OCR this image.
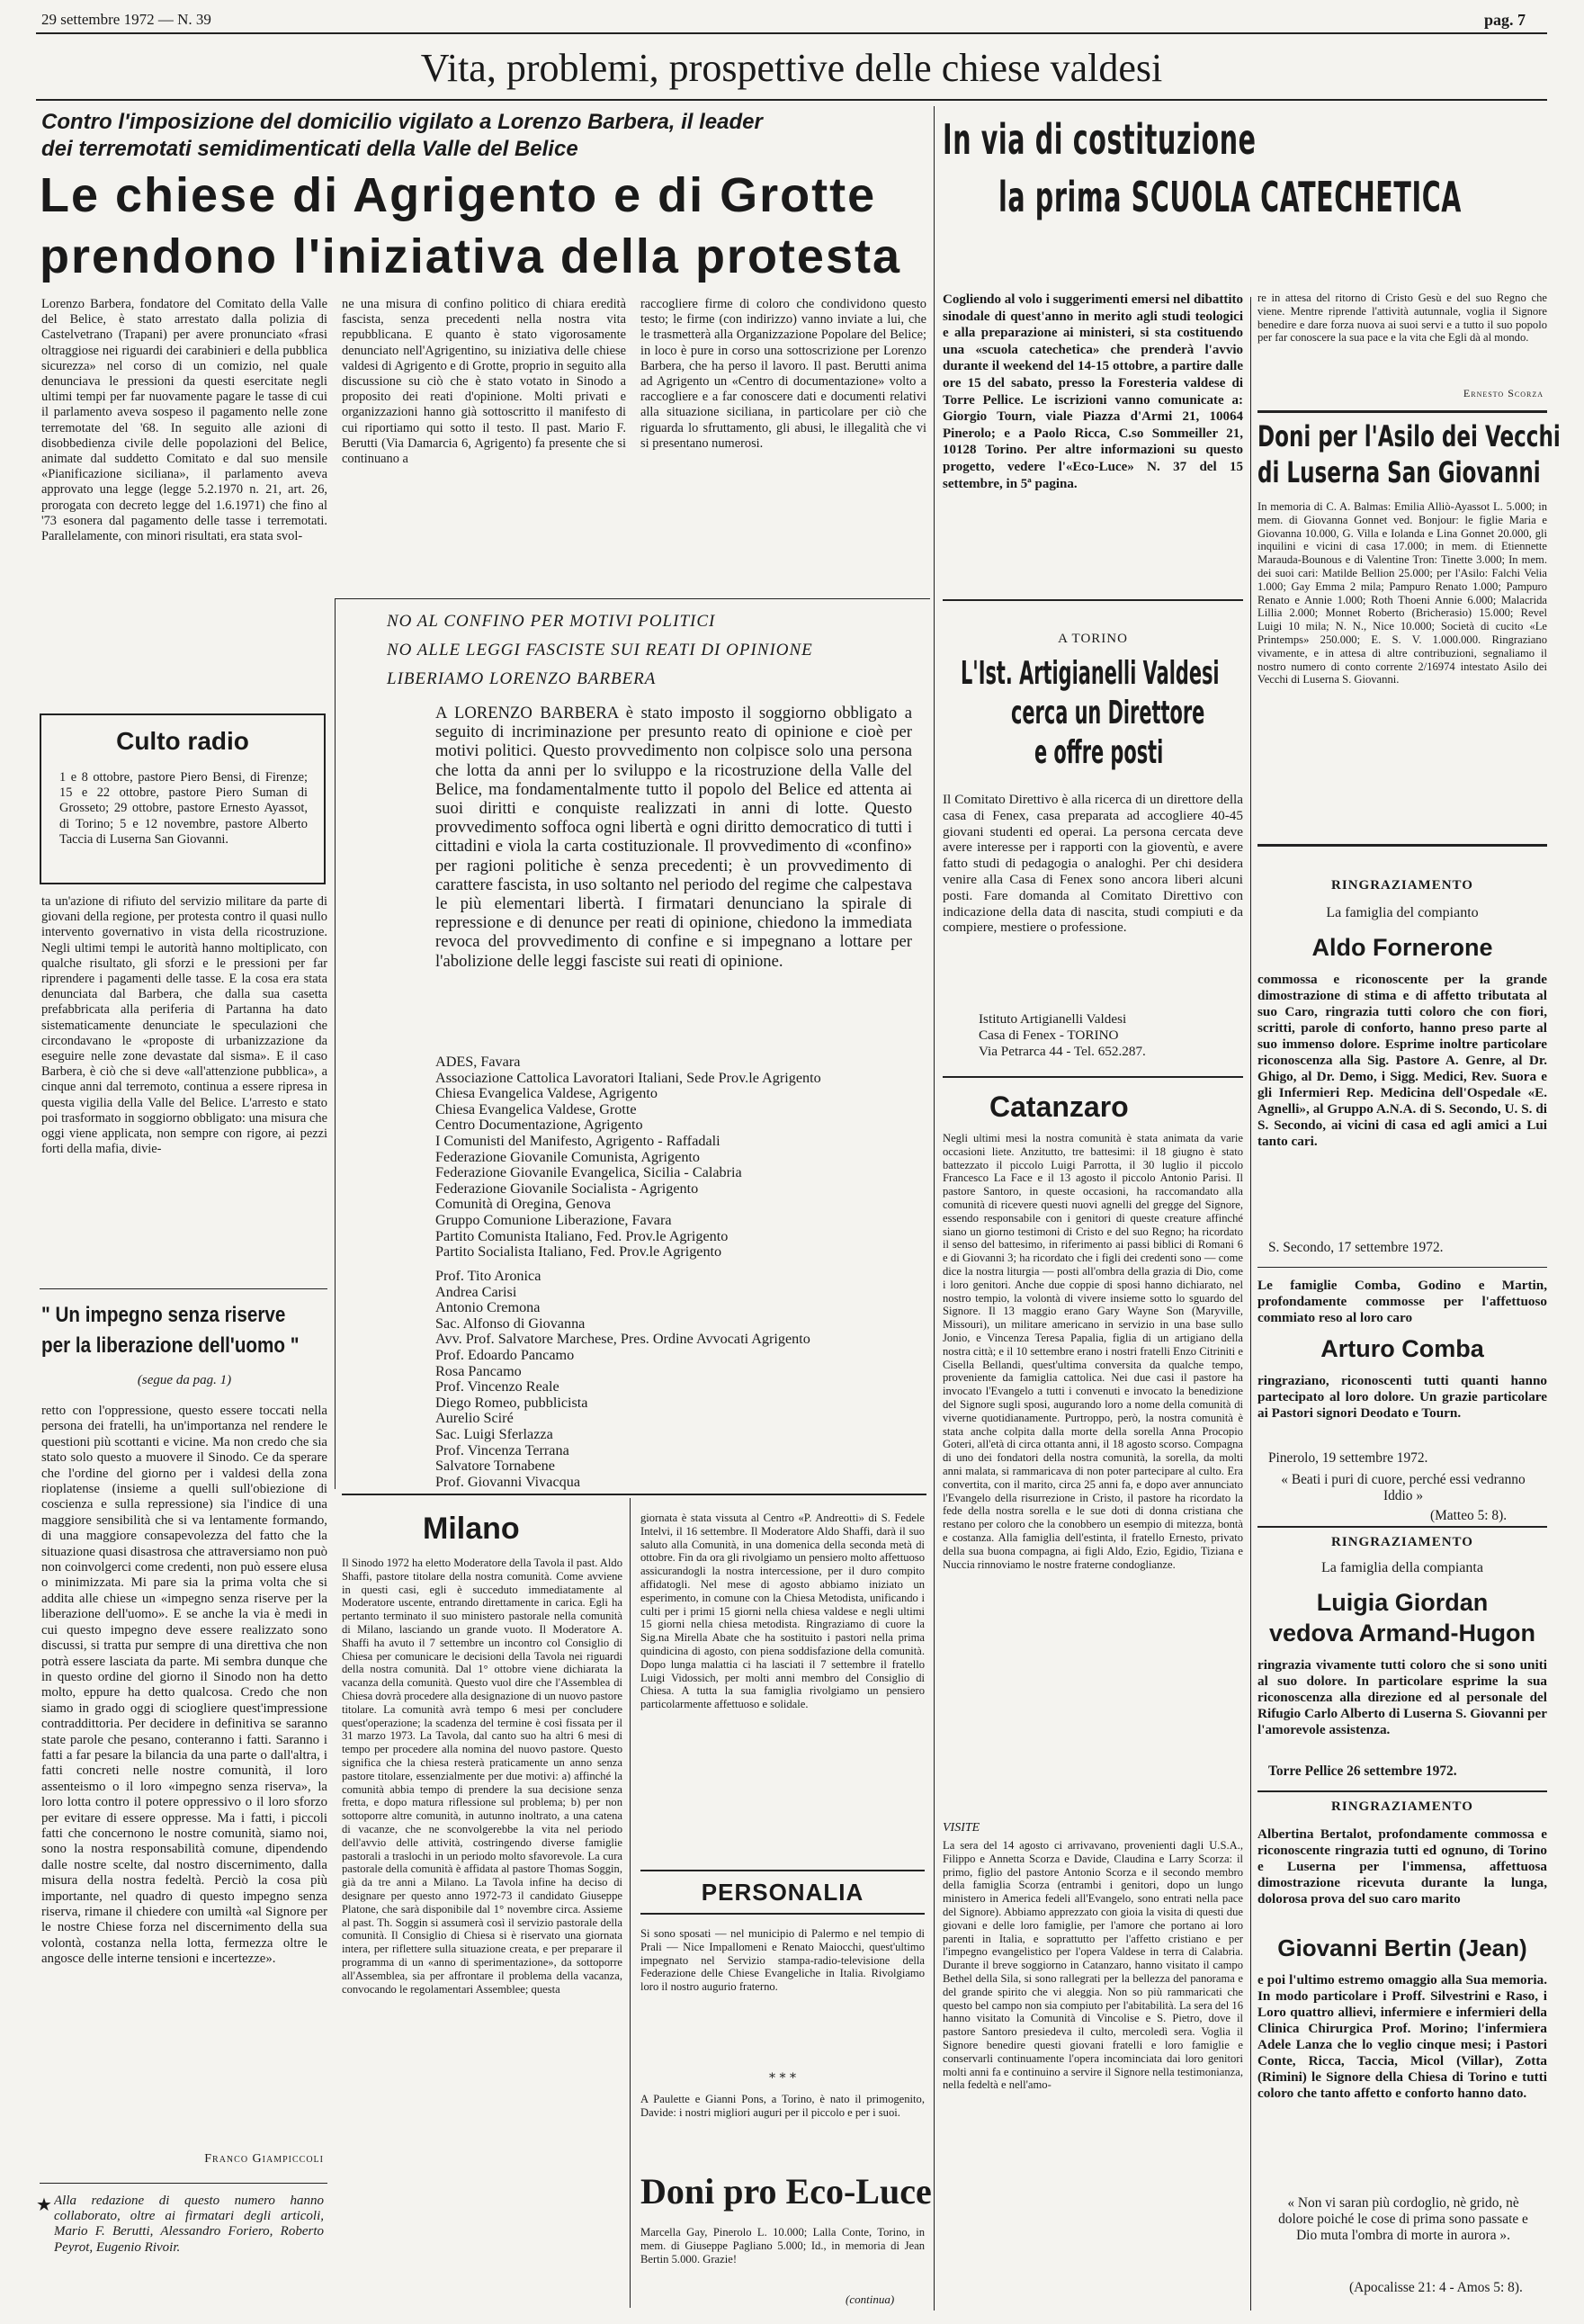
29 settembre 1972 — N. 39	pag. 7
Vita, problemi, prospettive delle chiese valdesi
Contro l'imposizione del domicilio vigilato a Lorenzo Barbera, il leader
dei terremotati semidimenticati della Valle del Belice
Le chiese di Agrigento e di Grotte
prendono l'iniziativa della protesta
Lorenzo Barbera, fondatore del Comitato della Valle del Belice, è stato arrestato dalla polizia di Castelvetrano (Trapani) per avere pronunciato «frasi oltraggiose nei riguardi dei carabinieri e della pubblica sicurezza» nel corso di un comizio, nel quale denunciava le pressioni da questi esercitate negli ultimi tempi per far nuovamente pagare le tasse di cui il parlamento aveva sospeso il pagamento nelle zone terremotate del '68. In seguito alle azioni di disobbedienza civile delle popolazioni del Belice, animate dal suddetto Comitato e dal suo mensile «Pianificazione siciliana», il parlamento aveva approvato una legge (legge 5.2.1970 n. 21, art. 26, prorogata con decreto legge del 1.6.1971) che fino al '73 esonera dal pagamento delle tasse i terremotati. Parallelamente, con minori risultati, era stata svol-
ne una misura di confino politico di chiara eredità fascista, senza precedenti nella nostra vita repubblicana. E quanto è stato vigorosamente denunciato nell'Agrigentino, su iniziativa delle chiese valdesi di Agrigento e di Grotte, proprio in seguito alla discussione su ciò che è stato votato in Sinodo a proposito dei reati d'opinione. Molti privati e organizzazioni hanno già sottoscritto il manifesto di cui riportiamo qui sotto il testo. Il past. Mario F. Berutti (Via Damarcia 6, Agrigento) fa presente che si continuano a
raccogliere firme di coloro che condividono questo testo; le firme (con indirizzo) vanno inviate a lui, che le trasmetterà alla Organizzazione Popolare del Belice; in loco è pure in corso una sottoscrizione per Lorenzo Barbera, che ha perso il lavoro. Il past. Berutti anima ad Agrigento un «Centro di documentazione» volto a raccogliere e a far conoscere dati e documenti relativi alla situazione siciliana, in particolare per ciò che riguarda lo sfruttamento, gli abusi, le illegalità che vi si presentano numerosi.
NO AL CONFINO PER MOTIVI POLITICI
NO ALLE LEGGI FASCISTE SUI REATI DI OPINIONE
LIBERIAMO LORENZO BARBERA
A LORENZO BARBERA è stato imposto il soggiorno obbligato a seguito di incriminazione per presunto reato di opinione e cioè per motivi politici. Questo provvedimento non colpisce solo una persona che lotta da anni per lo sviluppo e la ricostruzione della Valle del Belice, ma fondamentalmente tutto il popolo del Belice ed attenta ai suoi diritti e conquiste realizzati in anni di lotte. Questo provvedimento soffoca ogni libertà e ogni diritto democratico di tutti i cittadini e viola la carta costituzionale. Il provvedimento di «confino» per ragioni politiche è senza precedenti; è un provvedimento di carattere fascista, in uso soltanto nel periodo del regime che calpestava le più elementari libertà. I firmatari denunciano la spirale di repressione e di denunce per reati di opinione, chiedono la immediata revoca del provvedimento di confine e si impegnano a lottare per l'abolizione delle leggi fasciste sui reati di opinione.
ADES, Favara
Associazione Cattolica Lavoratori Italiani, Sede Prov.le Agrigento
Chiesa Evangelica Valdese, Agrigento
Chiesa Evangelica Valdese, Grotte
Centro Documentazione, Agrigento
I Comunisti del Manifesto, Agrigento - Raffadali
Federazione Giovanile Comunista, Agrigento
Federazione Giovanile Evangelica, Sicilia - Calabria
Federazione Giovanile Socialista - Agrigento
Comunità di Oregina, Genova
Gruppo Comunione Liberazione, Favara
Partito Comunista Italiano, Fed. Prov.le Agrigento
Partito Socialista Italiano, Fed. Prov.le Agrigento
Prof. Tito Aronica
Andrea Carisi
Antonio Cremona
Sac. Alfonso di Giovanna
Avv. Prof. Salvatore Marchese, Pres. Ordine Avvocati Agrigento
Prof. Edoardo Pancamo
Rosa Pancamo
Prof. Vincenzo Reale
Diego Romeo, pubblicista
Aurelio Sciré
Sac. Luigi Sferlazza
Prof. Vincenza Terrana
Salvatore Tornabene
Prof. Giovanni Vivacqua
Culto radio
1 e 8 ottobre, pastore Piero Bensi, di Firenze; 15 e 22 ottobre, pastore Piero Suman di Grosseto; 29 ottobre, pastore Ernesto Ayassot, di Torino; 5 e 12 novembre, pastore Alberto Taccia di Luserna San Giovanni.
ta un'azione di rifiuto del servizio militare da parte di giovani della regione, per protesta contro il quasi nullo intervento governativo in vista della ricostruzione. Negli ultimi tempi le autorità hanno moltiplicato, con qualche risultato, gli sforzi e le pressioni per far riprendere i pagamenti delle tasse. E la cosa era stata denunciata dal Barbera, che dalla sua casetta prefabbricata alla periferia di Partanna ha dato sistematicamente denunciate le speculazioni che circondavano le «proposte di urbanizzazione da eseguire nelle zone devastate dal sisma». E il caso Barbera, è ciò che si deve «all'attenzione pubblica», a cinque anni dal terremoto, continua a essere ripresa in questa vigilia della Valle del Belice. L'arresto e stato poi trasformato in soggiorno obbligato: una misura che oggi viene applicata, non sempre con rigore, ai pezzi forti della mafia, divie-
" Un impegno senza riserve
per la liberazione dell'uomo "
(segue da pag. 1)
retto con l'oppressione, questo essere toccati nella persona dei fratelli, ha un'importanza nel rendere le questioni più scottanti e vicine. Ma non credo che sia stato solo questo a muovere il Sinodo. Ce da sperare che l'ordine del giorno per i valdesi della zona rioplatense (insieme a quelli sull'obiezione di coscienza e sulla repressione) sia l'indice di una maggiore sensibilità che si va lentamente formando, di una maggiore consapevolezza del fatto che la situazione quasi disastrosa che attraversiamo non può non coinvolgerci come credenti, non può essere elusa o minimizzata. Mi pare sia la prima volta che si addita alle chiese un «impegno senza riserve per la liberazione dell'uomo». E se anche la via è medi in cui questo impegno deve essere realizzato sono discussi, si tratta pur sempre di una direttiva che non potrà essere lasciata da parte. Mi sembra dunque che in questo ordine del giorno il Sinodo non ha detto molto, eppure ha detto qualcosa. Credo che non siamo in grado oggi di sciogliere quest'impressione contraddittoria. Per decidere in definitiva se saranno state parole che pesano, conteranno i fatti. Saranno i fatti a far pesare la bilancia da una parte o dall'altra, i fatti concreti nelle nostre comunità, il loro assenteismo o il loro «impegno senza riserva», la loro lotta contro il potere oppressivo o il loro sforzo per evitare di essere oppresse. Ma i fatti, i piccoli fatti che concernono le nostre comunità, siamo noi, sono la nostra responsabilità comune, dipendendo dalle nostre scelte, dal nostro discernimento, dalla misura della nostra fedeltà. Perciò la cosa più importante, nel quadro di questo impegno senza riserva, rimane il chiedere con umiltà «al Signore per le nostre Chiese forza nel discernimento della sua volontà, costanza nella lotta, fermezza oltre le angosce delle interne tensioni e incertezze».
Franco Giampiccoli
★ Alla redazione di questo numero hanno collaborato, oltre ai firmatari degli articoli, Mario F. Berutti, Alessandro Foriero, Roberto Peyrot, Eugenio Rivoir.
Milano
Il Sinodo 1972 ha eletto Moderatore della Tavola il past. Aldo Shaffi, pastore titolare della nostra comunità. Come avviene in questi casi, egli è succeduto immediatamente al Moderatore uscente, entrando direttamente in carica. Egli ha pertanto terminato il suo ministero pastorale nella comunità di Milano, lasciando un grande vuoto. Il Moderatore A. Shaffi ha avuto il 7 settembre un incontro col Consiglio di Chiesa per comunicare le decisioni della Tavola nei riguardi della nostra comunità. Dal 1° ottobre viene dichiarata la vacanza della comunità. Questo vuol dire che l'Assemblea di Chiesa dovrà procedere alla designazione di un nuovo pastore titolare. La comunità avrà tempo 6 mesi per concludere quest'operazione; la scadenza del termine è così fissata per il 31 marzo 1973. La Tavola, dal canto suo ha altri 6 mesi di tempo per procedere alla nomina del nuovo pastore. Questo significa che la chiesa resterà praticamente un anno senza pastore titolare, essenzialmente per due motivi: a) affinché la comunità abbia tempo di prendere la sua decisione senza fretta, e dopo matura riflessione sul problema; b) per non sottoporre altre comunità, in autunno inoltrato, a una catena di vacanze, che ne sconvolgerebbe la vita nel periodo dell'avvio delle attività, costringendo diverse famiglie pastorali a traslochi in un periodo molto sfavorevole. La cura pastorale della comunità è affidata al pastore Thomas Soggin, già da tre anni a Milano. La Tavola infine ha deciso di designare per questo anno 1972-73 il candidato Giuseppe Platone, che sarà disponibile dal 1° novembre circa. Assieme al past. Th. Soggin si assumerà così il servizio pastorale della comunità. Il Consiglio di Chiesa si è riservato una giornata intera, per riflettere sulla situazione creata, e per preparare il programma di un «anno di sperimentazione», da sottoporre all'Assemblea, sia per affrontare il problema della vacanza, convocando le regolamentari Assemblee; questa
giornata è stata vissuta al Centro «P. Andreotti» di S. Fedele Intelvi, il 16 settembre. Il Moderatore Aldo Shaffi, darà il suo saluto alla Comunità, in una domenica della seconda metà di ottobre. Fin da ora gli rivolgiamo un pensiero molto affettuoso assicurandogli la nostra intercessione, per il duro compito affidatogli. Nel mese di agosto abbiamo iniziato un esperimento, in comune con la Chiesa Metodista, unificando i culti per i primi 15 giorni nella chiesa valdese e negli ultimi 15 giorni nella chiesa metodista. Ringraziamo di cuore la Sig.na Mirella Abate che ha sostituito i pastori nella prima quindicina di agosto, con piena soddisfazione della comunità. Dopo lunga malattia ci ha lasciati il 7 settembre il fratello Luigi Vidossich, per molti anni membro del Consiglio di Chiesa. A tutta la sua famiglia rivolgiamo un pensiero particolarmente affettuoso e solidale.
PERSONALIA
Si sono sposati — nel municipio di Palermo e nel tempio di Prali — Nice Impallomeni e Renato Maiocchi, quest'ultimo impegnato nel Servizio stampa-radio-televisione della Federazione delle Chiese Evangeliche in Italia. Rivolgiamo loro il nostro augurio fraterno.
* * *
A Paulette e Gianni Pons, a Torino, è nato il primogenito, Davide: i nostri migliori auguri per il piccolo e per i suoi.
Doni pro Eco-Luce
Marcella Gay, Pinerolo L. 10.000; Lalla Conte, Torino, in mem. di Giuseppe Pagliano 5.000; Id., in memoria di Jean Bertin 5.000. Grazie!
(continua)
In via di costituzione
la prima SCUOLA CATECHETICA
Cogliendo al volo i suggerimenti emersi nel dibattito sinodale di quest'anno in merito agli studi teologici e alla preparazione ai ministeri, si sta costituendo una «scuola catechetica» che prenderà l'avvio durante il weekend del 14-15 ottobre, a partire dalle ore 15 del sabato, presso la Foresteria valdese di Torre Pellice. Le iscrizioni vanno comunicate a: Giorgio Tourn, viale Piazza d'Armi 21, 10064 Pinerolo; e a Paolo Ricca, C.so Sommeiller 21, 10128 Torino. Per altre informazioni su questo progetto, vedere l'«Eco-Luce» N. 37 del 15 settembre, in 5ª pagina.
re in attesa del ritorno di Cristo Gesù e del suo Regno che viene. Mentre riprende l'attività autunnale, voglia il Signore benedire e dare forza nuova ai suoi servi e a tutto il suo popolo per far conoscere la sua pace e la vita che Egli dà al mondo.
Ernesto Scorza
Doni per l'Asilo dei Vecchi
di Luserna San Giovanni
In memoria di C. A. Balmas: Emilia Alliò-Ayassot L. 5.000; in mem. di Giovanna Gonnet ved. Bonjour: le figlie Maria e Giovanna 10.000, G. Villa e Iolanda e Lina Gonnet 20.000, gli inquilini e vicini di casa 17.000; in mem. di Etiennette Marauda-Bounous e di Valentine Tron: Tinette 3.000; In mem. dei suoi cari: Matilde Bellion 25.000; per l'Asilo: Falchi Velia 1.000; Gay Emma 2 mila; Pampuro Renato 1.000; Pampuro Renato e Annie 1.000; Roth Thoeni Annie 6.000; Malacrida Lillia 2.000; Monnet Roberto (Bricherasio) 15.000; Revel Luigi 10 mila; N. N., Nice 10.000; Società di cucito «Le Printemps» 250.000; E. S. V. 1.000.000. Ringraziano vivamente, e in attesa di altre contribuzioni, segnaliamo il nostro numero di conto corrente 2/16974 intestato Asilo dei Vecchi di Luserna S. Giovanni.
A TORINO
L'Ist. Artigianelli Valdesi
cerca un Direttore
e offre posti
Il Comitato Direttivo è alla ricerca di un direttore della casa di Fenex, casa preparata ad accogliere 40-45 giovani studenti ed operai. La persona cercata deve avere interesse per i rapporti con la gioventù, e avere fatto studi di pedagogia o analoghi. Per chi desidera venire alla Casa di Fenex sono ancora liberi alcuni posti. Fare domanda al Comitato Direttivo con indicazione della data di nascita, studi compiuti e da compiere, mestiere o professione.
Istituto Artigianelli Valdesi
Casa di Fenex - TORINO
Via Petrarca 44 - Tel. 652.287.
Catanzaro
Negli ultimi mesi la nostra comunità è stata animata da varie occasioni liete. Anzitutto, tre battesimi: il 18 giugno è stato battezzato il piccolo Luigi Parrotta, il 30 luglio il piccolo Francesco La Face e il 13 agosto il piccolo Antonio Parisi. Il pastore Santoro, in queste occasioni, ha raccomandato alla comunità di ricevere questi nuovi agnelli del gregge del Signore, essendo responsabile con i genitori di queste creature affinché siano un giorno testimoni di Cristo e del suo Regno; ha ricordato il senso del battesimo, in riferimento ai passi biblici di Romani 6 e di Giovanni 3; ha ricordato che i figli dei credenti sono — come dice la nostra liturgia — posti all'ombra della grazia di Dio, come i loro genitori. Anche due coppie di sposi hanno dichiarato, nel nostro tempio, la volontà di vivere insieme sotto lo sguardo del Signore. Il 13 maggio erano Gary Wayne Son (Maryville, Missouri), un militare americano in servizio in una base sullo Jonio, e Vincenza Teresa Papalia, figlia di un artigiano della nostra città; e il 10 settembre erano i nostri fratelli Enzo Citriniti e Cisella Bellandi, quest'ultima conversita da qualche tempo, proveniente da famiglia cattolica. Nei due casi il pastore ha invocato l'Evangelo a tutti i convenuti e invocato la benedizione del Signore sugli sposi, augurando loro a nome della comunità di viverne quotidianamente. Purtroppo, però, la nostra comunità è stata anche colpita dalla morte della sorella Anna Procopio Goteri, all'età di circa ottanta anni, il 18 agosto scorso. Compagna di uno dei fondatori della nostra comunità, la sorella, da molti anni malata, si rammaricava di non poter partecipare al culto. Era convertita, con il marito, circa 25 anni fa, e dopo aver annunciato l'Evangelo della risurrezione in Cristo, il pastore ha ricordato la fede della nostra sorella e le sue doti di donna cristiana che restano per coloro che la conobbero un esempio di mitezza, bontà e costanza. Alla famiglia dell'estinta, il fratello Ernesto, privato della sua buona compagna, ai figli Aldo, Ezio, Egidio, Tiziana e Nuccia rinnoviamo le nostre fraterne condoglianze.
VISITE
La sera del 14 agosto ci arrivavano, provenienti dagli U.S.A., Filippo e Annetta Scorza e Davide, Claudina e Larry Scorza: il primo, figlio del pastore Antonio Scorza e il secondo membro della famiglia Scorza (entrambi i genitori, dopo un lungo ministero in America fedeli all'Evangelo, sono entrati nella pace del Signore). Abbiamo apprezzato con gioia la visita di questi due giovani e delle loro famiglie, per l'amore che portano ai loro parenti in Italia, e soprattutto per l'affetto cristiano e per l'impegno evangelistico per l'opera Valdese in terra di Calabria. Durante il breve soggiorno in Catanzaro, hanno visitato il campo Bethel della Sila, si sono rallegrati per la bellezza del panorama e del grande spirito che vi aleggia. Non so più rammaricati che questo bel campo non sia compiuto per l'abitabilità. La sera del 16 hanno visitato la Comunità di Vincolise e S. Pietro, dove il pastore Santoro presiedeva il culto, mercoledì sera. Voglia il Signore benedire questi giovani fratelli e loro famiglie e conservarli continuamente l'opera incominciata dai loro genitori molti anni fa e continuino a servire il Signore nella testimonianza, nella fedeltà e nell'amo-
RINGRAZIAMENTO
La famiglia del compianto
Aldo Fornerone
commossa e riconoscente per la grande dimostrazione di stima e di affetto tributata al suo Caro, ringrazia tutti coloro che con fiori, scritti, parole di conforto, hanno preso parte al suo immenso dolore. Esprime inoltre particolare riconoscenza alla Sig. Pastore A. Genre, al Dr. Ghigo, al Dr. Demo, i Sigg. Medici, Rev. Suora e gli Infermieri Rep. Medicina dell'Ospedale «E. Agnelli», al Gruppo A.N.A. di S. Secondo, U. S. di S. Secondo, ai vicini di casa ed agli amici a Lui tanto cari.
S. Secondo, 17 settembre 1972.
Le famiglie Comba, Godino e Martin, profondamente commosse per l'affettuoso commiato reso al loro caro
Arturo Comba
ringraziano, riconoscenti tutti quanti hanno partecipato al loro dolore. Un grazie particolare ai Pastori signori Deodato e Tourn.
Pinerolo, 19 settembre 1972.
« Beati i puri di cuore, perché essi vedranno Iddio »
(Matteo 5: 8).
RINGRAZIAMENTO
La famiglia della compianta
Luigia Giordan
vedova Armand-Hugon
ringrazia vivamente tutti coloro che si sono uniti al suo dolore. In particolare esprime la sua riconoscenza alla direzione ed al personale del Rifugio Carlo Alberto di Luserna S. Giovanni per l'amorevole assistenza.
Torre Pellice 26 settembre 1972.
RINGRAZIAMENTO
Albertina Bertalot, profondamente commossa e riconoscente ringrazia tutti ed ognuno, di Torino e Luserna per l'immensa, affettuosa dimostrazione ricevuta durante la lunga, dolorosa prova del suo caro marito
Giovanni Bertin (Jean)
e poi l'ultimo estremo omaggio alla Sua memoria. In modo particolare i Proff. Silvestrini e Raso, i Loro quattro allievi, infermiere e infermieri della Clinica Chirurgica Prof. Morino; l'infermiera Adele Lanza che lo veglio cinque mesi; i Pastori Conte, Ricca, Taccia, Micol (Villar), Zotta (Rimini) le Signore della Chiesa di Torino e tutti coloro che tanto affetto e conforto hanno dato.
« Non vi saran più cordoglio, nè grido, nè dolore poiché le cose di prima sono passate e Dio muta l'ombra di morte in aurora ».
(Apocalisse 21: 4 - Amos 5: 8).
